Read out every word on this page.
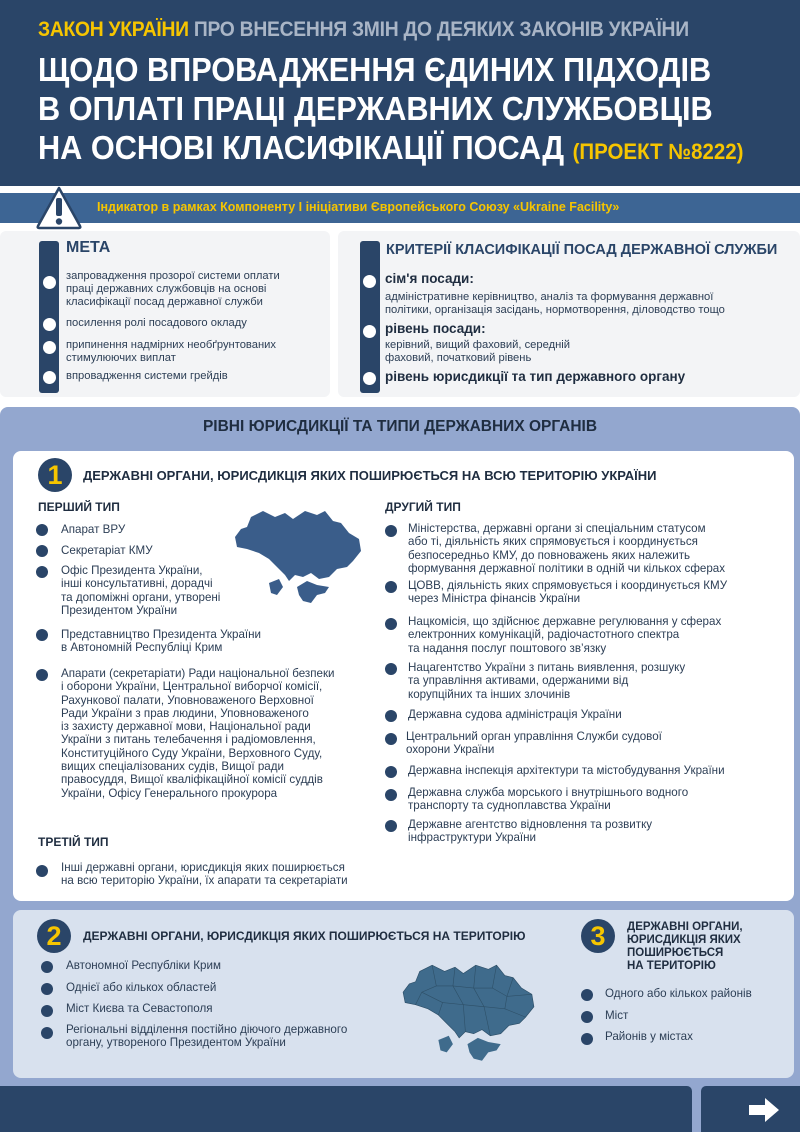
ЗАКОН УКРАЇНИ ПРО ВНЕСЕННЯ ЗМІН ДО ДЕЯКИХ ЗАКОНІВ УКРАЇНИ
ЩОДО ВПРОВАДЖЕННЯ ЄДИНИХ ПІДХОДІВ
В ОПЛАТІ ПРАЦІ ДЕРЖАВНИХ СЛУЖБОВЦІВ
НА ОСНОВІ КЛАСИФІКАЦІЇ ПОСАД (ПРОЕКТ №8222)
Індикатор в рамках Компоненту І ініціативи Європейського Союзу «Ukraine Facility»
МЕТА
запровадження прозорої системи оплати
праці державних службовців на основі
класифікації посад державної служби
посилення ролі посадового окладу
припинення надмірних необґрунтованих
стимулюючих виплат
впровадження системи грейдів
КРИТЕРІЇ КЛАСИФІКАЦІЇ ПОСАД ДЕРЖАВНОЇ СЛУЖБИ
сім'я посади:
адміністративне керівництво, аналіз та формування державної
політики, організація засідань, нормотворення, діловодство тощо
рівень посади:
керівний, вищий фаховий, середній
фаховий, початковий рівень
рівень юрисдикції та тип державного органу
РІВНІ ЮРИСДИКЦІЇ ТА ТИПИ ДЕРЖАВНИХ ОРГАНІВ
1	ДЕРЖАВНІ ОРГАНИ, ЮРИСДИКЦІЯ ЯКИХ ПОШИРЮЄТЬСЯ НА ВСЮ ТЕРИТОРІЮ УКРАЇНИ
ПЕРШИЙ ТИП
Апарат ВРУ
Секретаріат КМУ
Офіс Президента України,
інші консультативні, дорадчі
та допоміжні органи, утворені
Президентом України
Представництво Президента України
в Автономній Республіці Крим
Апарати (секретаріати) Ради національної безпеки
і оборони України, Центральної виборчої комісії,
Рахункової палати, Уповноваженого Верховної
Ради України з прав людини, Уповноваженого
із захисту державної мови, Національної ради
України з питань телебачення і радіомовлення,
Конституційного Суду України, Верховного Суду,
вищих спеціалізованих судів, Вищої ради
правосуддя, Вищої кваліфікаційної комісії суддів
України, Офісу Генерального прокурора
ДРУГИЙ ТИП
Міністерства, державні органи зі спеціальним статусом
або ті, діяльність яких спрямовується і координується
безпосередньо КМУ, до повноважень яких належить
формування державної політики в одній чи кількох сферах
ЦОВВ, діяльність яких спрямовується і координується КМУ
через Міністра фінансів України
Нацкомісія, що здійснює державне регулювання у сферах
електронних комунікацій, радіочастотного спектра
та надання послуг поштового зв’язку
Нацагентство України з питань виявлення, розшуку
та управління активами, одержаними від
корупційних та інших злочинів
Державна судова адміністрація України
Центральний орган управління Служби судової
охорони України
Державна інспекція архітектури та містобудування України
Державна служба морського і внутрішнього водного
транспорту та судноплавства України
Державне агентство відновлення та розвитку
інфраструктури України
ТРЕТІЙ ТИП
Інші державні органи, юрисдикція яких поширюється
на всю територію України, їх апарати та секретаріати
2	ДЕРЖАВНІ ОРГАНИ, ЮРИСДИКЦІЯ ЯКИХ ПОШИРЮЄТЬСЯ НА ТЕРИТОРІЮ
Автономної Республіки Крим
Однієї або кількох областей
Міст Києва та Севастополя
Регіональні відділення постійно діючого державного
органу, утвореного Президентом України
3	ДЕРЖАВНІ ОРГАНИ,
ЮРИСДИКЦІЯ ЯКИХ
ПОШИРЮЄТЬСЯ
НА ТЕРИТОРІЮ
Одного або кількох районів
Міст
Районів у містах
